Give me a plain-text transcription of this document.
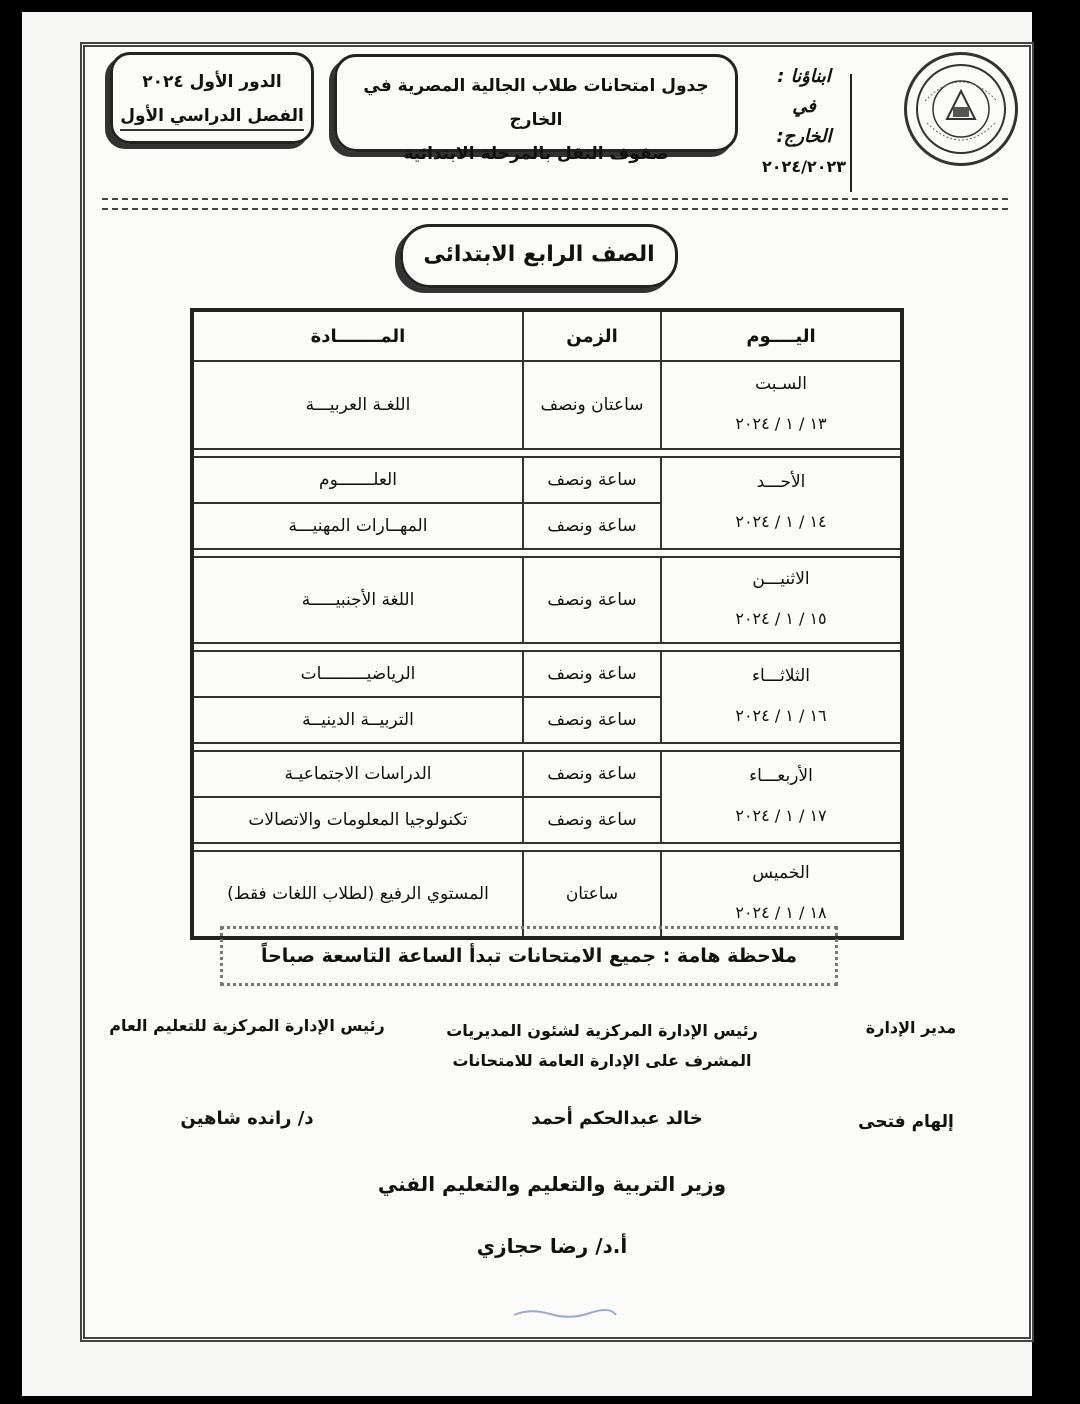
ابناؤنا :
في الخارج:
٢٠٢٤/٢٠٢٣
جدول امتحانات طلاب الجالية المصرية في الخارج
صفوف النقل بالمرحلة الابتدائية
الدور الأول ٢٠٢٤
الفصل الدراسي الأول
الصف الرابع الابتدائى
اليــــوم	الزمن	المـــــــادة

السـبت
١٣ / ١ / ٢٠٢٤	ساعتان ونصف	اللغـة العربيـــة

الأحـــد
١٤ / ١ / ٢٠٢٤	ساعة ونصف	العلـــــــوم
	ساعة ونصف	المهــارات المهنيـــة

الاثنيـــن
١٥ / ١ / ٢٠٢٤	ساعة ونصف	اللغة الأجنبيـــــة

الثلاثـــاء
١٦ / ١ / ٢٠٢٤	ساعة ونصف	الرياضيـــــــــات
	ساعة ونصف	التربيــة الدينيــة

الأربعـــاء
١٧ / ١ / ٢٠٢٤	ساعة ونصف	الدراسات الاجتماعيـة
	ساعة ونصف	تكنولوجيا المعلومات والاتصالات

الخميس
١٨ / ١ / ٢٠٢٤	ساعتان	المستوي الرفيع (لطلاب اللغات فقط)
ملاحظة هامة : جميع الامتحانات تبدأ الساعة التاسعة صباحاً
مدير الإدارة
رئيس الإدارة المركزية لشئون المديريات
المشرف على الإدارة العامة للامتحانات
رئيس الإدارة المركزية للتعليم العام
إلهام فتحى
خالد عبدالحكم أحمد
د/ رانده شاهين
وزير التربية والتعليم والتعليم الفني
أ.د/ رضا حجازي
